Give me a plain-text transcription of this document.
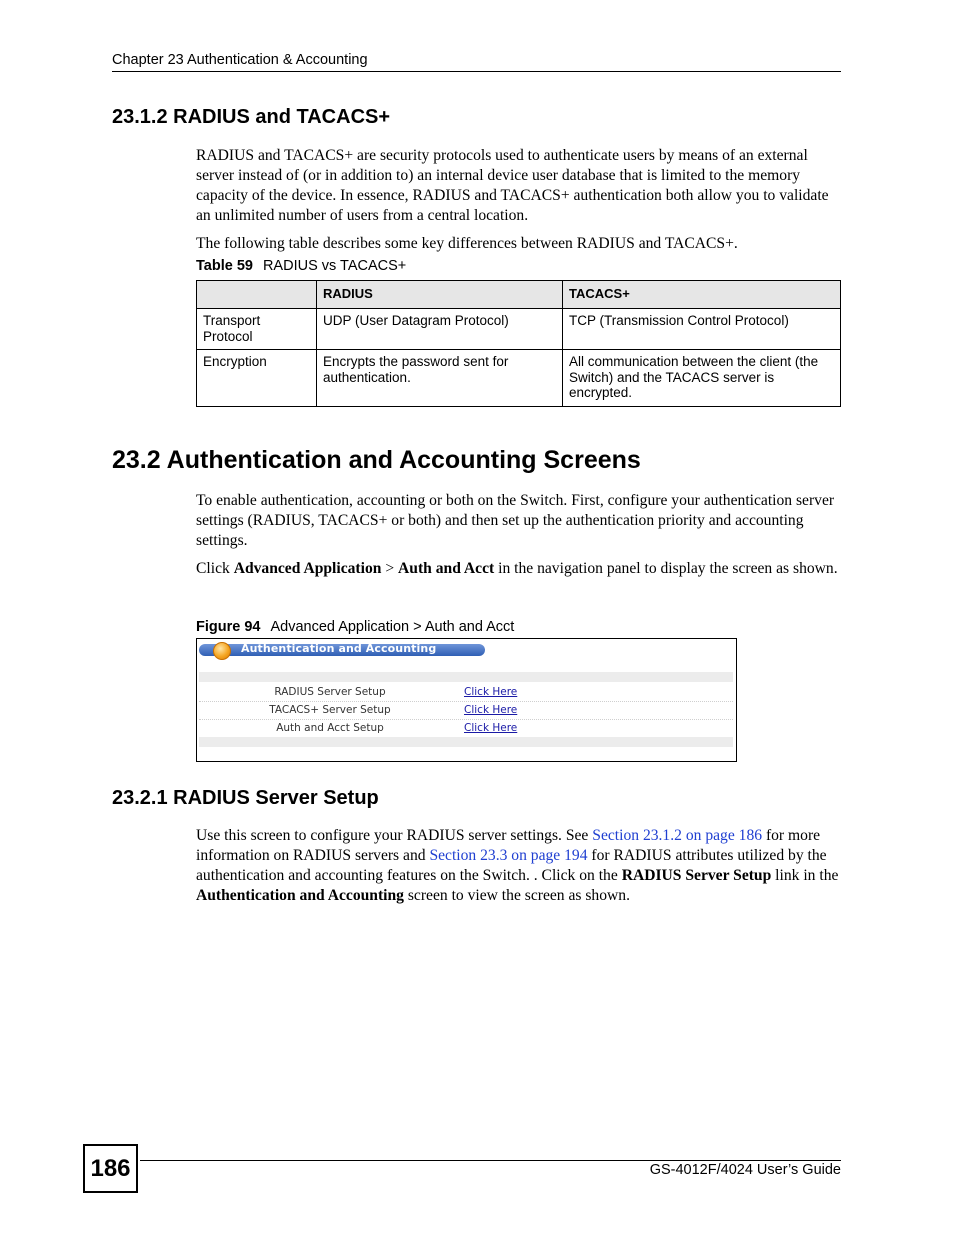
Chapter 23 Authentication & Accounting
23.1.2 RADIUS and TACACS+

RADIUS and TACACS+ are security protocols used to authenticate users by means of an external server instead of (or in addition to) an internal device user database that is limited to the memory capacity of the device. In essence, RADIUS and TACACS+ authentication both allow you to validate an unlimited number of users from a central location.

The following table describes some key differences between RADIUS and TACACS+.

Table 59 RADIUS vs TACACS+
	RADIUS	TACACS+
Transport Protocol	UDP (User Datagram Protocol)	TCP (Transmission Control Protocol)
Encryption	Encrypts the password sent for authentication.	All communication between the client (the Switch) and the TACACS server is encrypted.
23.2 Authentication and Accounting Screens

To enable authentication, accounting or both on the Switch. First, configure your authentication server settings (RADIUS, TACACS+ or both) and then set up the authentication priority and accounting settings.

Click Advanced Application > Auth and Acct in the navigation panel to display the screen as shown.

Figure 94 Advanced Application > Auth and Acct
Authentication and Accounting
RADIUS Server Setup	Click Here
TACACS+ Server Setup	Click Here
Auth and Acct Setup	Click Here
23.2.1 RADIUS Server Setup

Use this screen to configure your RADIUS server settings. See Section 23.1.2 on page 186 for more information on RADIUS servers and Section 23.3 on page 194 for RADIUS attributes utilized by the authentication and accounting features on the Switch. . Click on the RADIUS Server Setup link in the Authentication and Accounting screen to view the screen as shown.

186	GS-4012F/4024 User’s Guide
